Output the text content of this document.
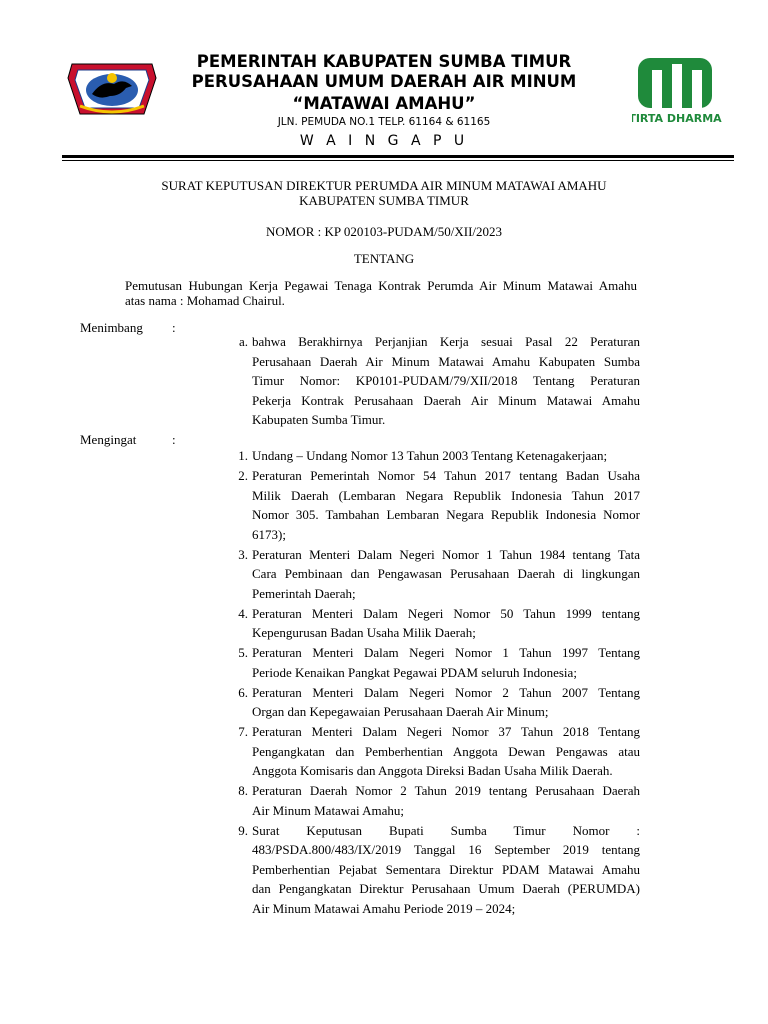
TIRTA DHARMA
PEMERINTAH KABUPATEN SUMBA TIMUR
PERUSAHAAN UMUM DAERAH AIR MINUM
“MATAWAI AMAHU”
JLN. PEMUDA NO.1 TELP. 61164 & 61165
W A I N G A P U
SURAT KEPUTUSAN DIREKTUR PERUMDA AIR MINUM MATAWAI AMAHU
KABUPATEN SUMBA TIMUR
NOMOR : KP 020103-PUDAM/50/XII/2023
TENTANG
Pemutusan Hubungan Kerja Pegawai Tenaga Kontrak Perumda Air Minum Matawai Amahu
atas nama : Mohamad Chairul.
Menimbang :
a. bahwa Berakhirnya Perjanjian Kerja sesuai Pasal 22 Peraturan
Perusahaan Daerah Air Minum Matawai Amahu Kabupaten Sumba
Timur Nomor: KP0101-PUDAM/79/XII/2018 Tentang Peraturan
Pekerja Kontrak Perusahaan Daerah Air Minum Matawai Amahu
Kabupaten Sumba Timur.
Mengingat	:
1. Undang – Undang Nomor 13 Tahun 2003 Tentang Ketenagakerjaan;
2. Peraturan Pemerintah Nomor 54 Tahun 2017 tentang Badan Usaha
Milik Daerah (Lembaran Negara Republik Indonesia Tahun 2017
Nomor 305. Tambahan Lembaran Negara Republik Indonesia Nomor
6173);
3. Peraturan Menteri Dalam Negeri Nomor 1 Tahun 1984 tentang Tata
Cara Pembinaan dan Pengawasan Perusahaan Daerah di lingkungan
Pemerintah Daerah;
4. Peraturan Menteri Dalam Negeri Nomor 50 Tahun 1999 tentang
Kepengurusan Badan Usaha Milik Daerah;
5. Peraturan Menteri Dalam Negeri Nomor 1 Tahun 1997 Tentang
Periode Kenaikan Pangkat Pegawai PDAM seluruh Indonesia;
6. Peraturan Menteri Dalam Negeri Nomor 2 Tahun 2007 Tentang
Organ dan Kepegawaian Perusahaan Daerah Air Minum;
7. Peraturan Menteri Dalam Negeri Nomor 37 Tahun 2018 Tentang
Pengangkatan dan Pemberhentian Anggota Dewan Pengawas atau
Anggota Komisaris dan Anggota Direksi Badan Usaha Milik Daerah.
8. Peraturan Daerah Nomor 2 Tahun 2019 tentang Perusahaan Daerah
Air Minum Matawai Amahu;
9. Surat Keputusan Bupati Sumba Timur Nomor :
483/PSDA.800/483/IX/2019 Tanggal 16 September 2019 tentang
Pemberhentian Pejabat Sementara Direktur PDAM Matawai Amahu
dan Pengangkatan Direktur Perusahaan Umum Daerah (PERUMDA)
Air Minum Matawai Amahu Periode 2019 – 2024;
